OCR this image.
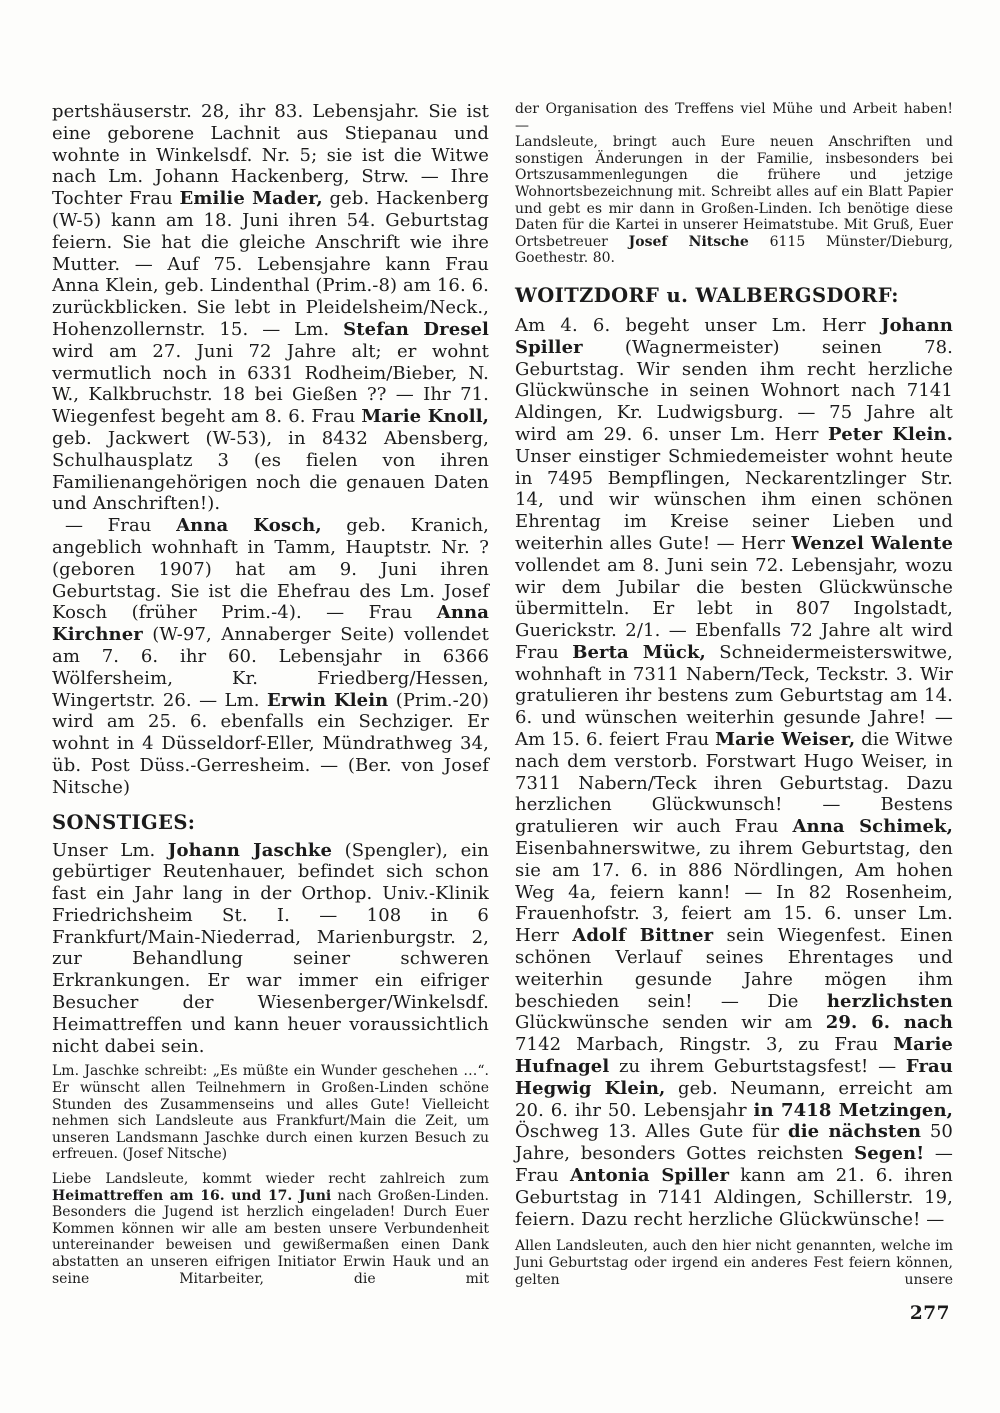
pertshäuserstr. 28, ihr 83. Lebensjahr. Sie ist eine geborene Lachnit aus Stiepanau und wohnte in Winkelsdf. Nr. 5; sie ist die Witwe nach Lm. Johann Hackenberg, Strw. — Ihre Tochter Frau Emilie Mader, geb. Hackenberg (W-5) kann am 18. Juni ihren 54. Geburtstag feiern. Sie hat die gleiche Anschrift wie ihre Mutter. — Auf 75. Lebensjahre kann Frau Anna Klein, geb. Lindenthal (Prim.-8) am 16. 6. zurückblicken. Sie lebt in Pleidelsheim/Neck., Hohenzollernstr. 15. — Lm. Stefan Dresel wird am 27. Juni 72 Jahre alt; er wohnt vermutlich noch in 6331 Rodheim/Bieber, N. W., Kalkbruchstr. 18 bei Gießen ?? — Ihr 71. Wiegenfest begeht am 8. 6. Frau Marie Knoll, geb. Jackwert (W-53), in 8432 Abensberg, Schulhausplatz 3 (es fielen von ihren Familienangehörigen noch die genauen Daten und Anschriften!).

— Frau Anna Kosch, geb. Kranich, angeblich wohnhaft in Tamm, Hauptstr. Nr. ? (geboren 1907) hat am 9. Juni ihren Geburtstag. Sie ist die Ehefrau des Lm. Josef Kosch (früher Prim.-4). — Frau Anna Kirchner (W-97, Annaberger Seite) vollendet am 7. 6. ihr 60. Lebensjahr in 6366 Wölfersheim, Kr. Friedberg/Hessen, Wingertstr. 26. — Lm. Erwin Klein (Prim.-20) wird am 25. 6. ebenfalls ein Sechziger. Er wohnt in 4 Düsseldorf-Eller, Mündrathweg 34, üb. Post Düss.-Gerresheim. — (Ber. von Josef Nitsche)

SONSTIGES:

Unser Lm. Johann Jaschke (Spengler), ein gebürtiger Reutenhauer, befindet sich schon fast ein Jahr lang in der Orthop. Univ.-Klinik Friedrichsheim St. I. — 108 in 6 Frankfurt/Main-Niederrad, Marienburgstr. 2, zur Behandlung seiner schweren Erkrankungen. Er war immer ein eifriger Besucher der Wiesenberger/Winkelsdf. Heimattreffen und kann heuer voraussichtlich nicht dabei sein.

Lm. Jaschke schreibt: „Es müßte ein Wunder geschehen …“. Er wünscht allen Teilnehmern in Großen-Linden schöne Stunden des Zusammenseins und alles Gute! Vielleicht nehmen sich Landsleute aus Frankfurt/Main die Zeit, um unseren Landsmann Jaschke durch einen kurzen Besuch zu erfreuen. (Josef Nitsche)

Liebe Landsleute, kommt wieder recht zahlreich zum Heimattreffen am 16. und 17. Juni nach Großen-Linden. Besonders die Jugend ist herzlich eingeladen! Durch Euer Kommen können wir alle am besten unsere Verbundenheit untereinander beweisen und gewißermaßen einen Dank abstatten an unseren eifrigen Initiator Erwin Hauk und an seine Mitarbeiter, die mit

der Organisation des Treffens viel Mühe und Arbeit haben! —

Landsleute, bringt auch Eure neuen Anschriften und sonstigen Änderungen in der Familie, insbesonders bei Ortszusammenlegungen die frühere und jetzige Wohnortsbezeichnung mit. Schreibt alles auf ein Blatt Papier und gebt es mir dann in Großen-Linden. Ich benötige diese Daten für die Kartei in unserer Heimatstube. Mit Gruß, Euer Ortsbetreuer Josef Nitsche 6115 Münster/Dieburg, Goethestr. 80.

WOITZDORF u. WALBERGSDORF:

Am 4. 6. begeht unser Lm. Herr Johann Spiller (Wagnermeister) seinen 78. Geburtstag. Wir senden ihm recht herzliche Glückwünsche in seinen Wohnort nach 7141 Aldingen, Kr. Ludwigsburg. — 75 Jahre alt wird am 29. 6. unser Lm. Herr Peter Klein. Unser einstiger Schmiedemeister wohnt heute in 7495 Bempflingen, Neckarentzlinger Str. 14, und wir wünschen ihm einen schönen Ehrentag im Kreise seiner Lieben und weiterhin alles Gute! — Herr Wenzel Walente vollendet am 8. Juni sein 72. Lebensjahr, wozu wir dem Jubilar die besten Glückwünsche übermitteln. Er lebt in 807 Ingolstadt, Guerickstr. 2/1. — Ebenfalls 72 Jahre alt wird Frau Berta Mück, Schneidermeisterswitwe, wohnhaft in 7311 Nabern/Teck, Teckstr. 3. Wir gratulieren ihr bestens zum Geburtstag am 14. 6. und wünschen weiterhin gesunde Jahre! — Am 15. 6. feiert Frau Marie Weiser, die Witwe nach dem verstorb. Forstwart Hugo Weiser, in 7311 Nabern/Teck ihren Geburtstag. Dazu herzlichen Glückwunsch! — Bestens gratulieren wir auch Frau Anna Schimek, Eisenbahnerswitwe, zu ihrem Geburtstag, den sie am 17. 6. in 886 Nördlingen, Am hohen Weg 4a, feiern kann! — In 82 Rosenheim, Frauenhofstr. 3, feiert am 15. 6. unser Lm. Herr Adolf Bittner sein Wiegenfest. Einen schönen Verlauf seines Ehrentages und weiterhin gesunde Jahre mögen ihm beschieden sein! — Die herzlichsten Glückwünsche senden wir am 29. 6. nach 7142 Marbach, Ringstr. 3, zu Frau Marie Hufnagel zu ihrem Geburtstagsfest! — Frau Hegwig Klein, geb. Neumann, erreicht am 20. 6. ihr 50. Lebensjahr in 7418 Metzingen, Öschweg 13. Alles Gute für die nächsten 50 Jahre, besonders Gottes reichsten Segen! — Frau Antonia Spiller kann am 21. 6. ihren Geburtstag in 7141 Aldingen, Schillerstr. 19, feiern. Dazu recht herzliche Glückwünsche! —

Allen Landsleuten, auch den hier nicht genannten, welche im Juni Geburtstag oder irgend ein anderes Fest feiern können, gelten unsere

277
